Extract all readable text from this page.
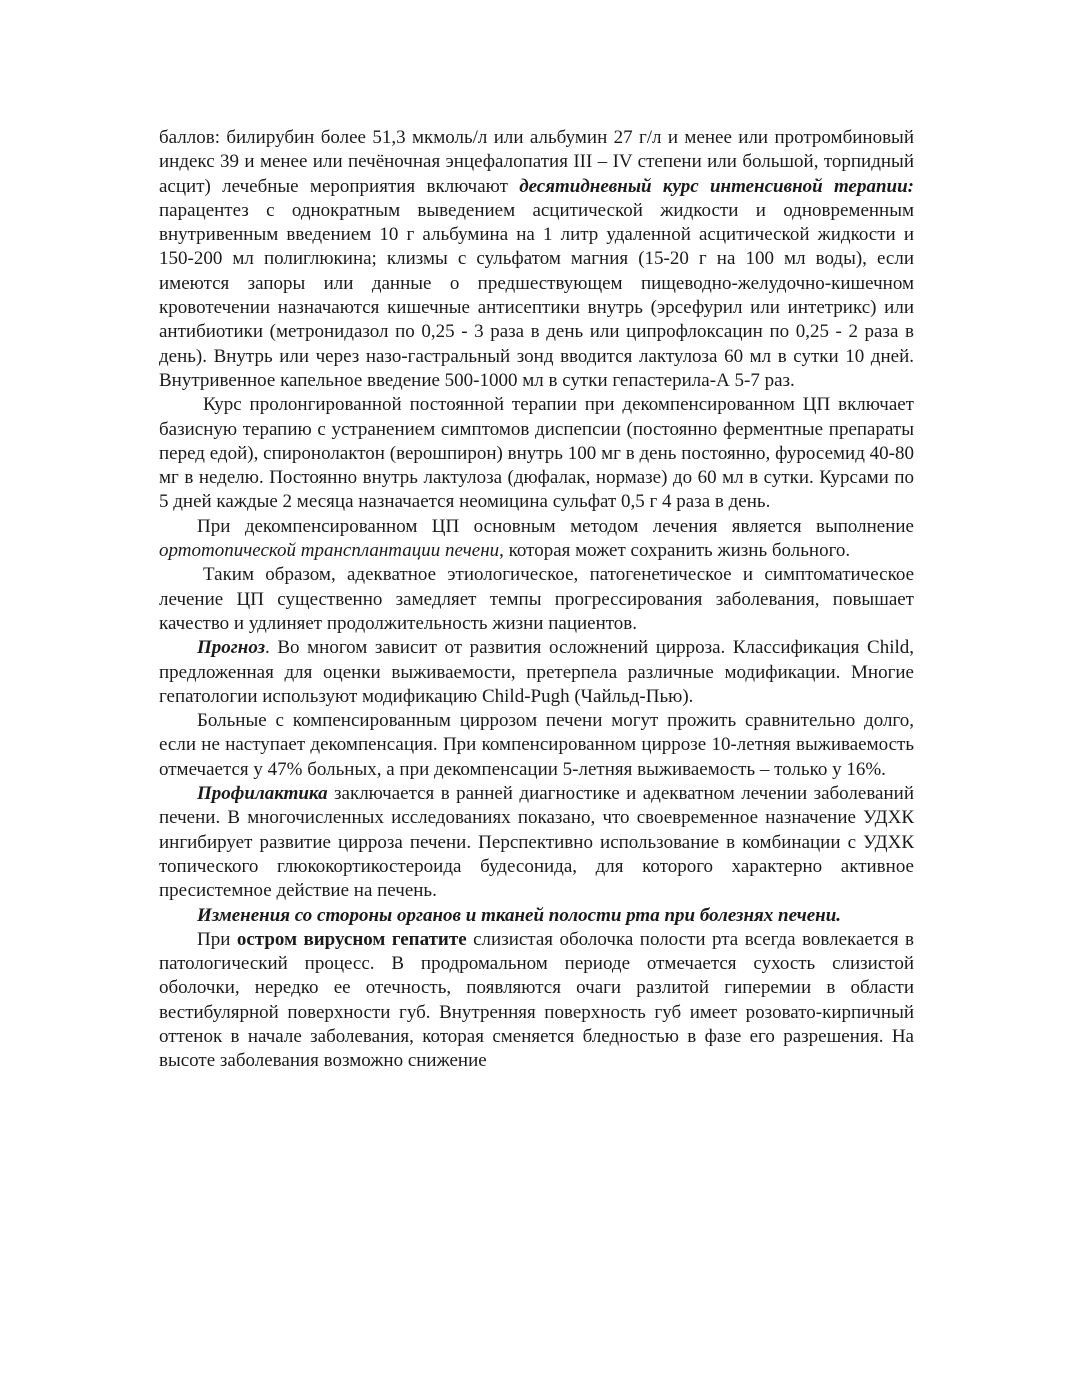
баллов: билирубин более 51,3 мкмоль/л или альбумин 27 г/л и менее или протромбиновый индекс 39 и менее или печёночная энцефалопатия III – IV степени или большой, торпидный асцит) лечебные мероприятия включают десятидневный курс интенсивной терапии: парацентез с однократным выведением асцитической жидкости и одновременным внутривенным введением 10 г альбумина на 1 литр удаленной асцитической жидкости и 150-200 мл полиглюкина; клизмы с сульфатом магния (15-20 г на 100 мл воды), если имеются запоры или данные о предшествующем пищеводно-желудочно-кишечном кровотечении назначаются кишечные антисептики внутрь (эрсефурил или интетрикс) или антибиотики (метронидазол по 0,25 - 3 раза в день или ципрофлоксацин по 0,25 - 2 раза в день). Внутрь или через назо-гастральный зонд вводится лактулоза 60 мл в сутки 10 дней. Внутривенное капельное введение 500-1000 мл в сутки гепастерила-А 5-7 раз.

Курс пролонгированной постоянной терапии при декомпенсированном ЦП включает базисную терапию с устранением симптомов диспепсии (постоянно ферментные препараты перед едой), спиронолактон (верошпирон) внутрь 100 мг в день постоянно, фуросемид 40-80 мг в неделю. Постоянно внутрь лактулоза (дюфалак, нормазе) до 60 мл в сутки. Курсами по 5 дней каждые 2 месяца назначается неомицина сульфат 0,5 г 4 раза в день.

При декомпенсированном ЦП основным методом лечения является выполнение ортотопической трансплантации печени, которая может сохранить жизнь больного.

Таким образом, адекватное этиологическое, патогенетическое и симптоматическое лечение ЦП существенно замедляет темпы прогрессирования заболевания, повышает качество и удлиняет продолжительность жизни пациентов.

Прогноз. Во многом зависит от развития осложнений цирроза. Классификация Child, предложенная для оценки выживаемости, претерпела различные модификации. Многие гепатологии используют модификацию Child-Pugh (Чайльд-Пью).

Больные с компенсированным циррозом печени могут прожить сравнительно долго, если не наступает декомпенсация. При компенсированном циррозе 10-летняя выживаемость отмечается у 47% больных, а при декомпенсации 5-летняя выживаемость – только у 16%.

Профилактика заключается в ранней диагностике и адекватном лечении заболеваний печени. В многочисленных исследованиях показано, что своевременное назначение УДХК ингибирует развитие цирроза печени. Перспективно использование в комбинации с УДХК топического глюкокортикостероида будесонида, для которого характерно активное пресистемное действие на печень.

Изменения со стороны органов и тканей полости рта при болезнях печени.

При остром вирусном гепатите слизистая оболочка полости рта всегда вовлекается в патологический процесс. В продромальном периоде отмечается сухость слизистой оболочки, нередко ее отечность, появляются очаги разлитой гиперемии в области вестибулярной поверхности губ. Внутренняя поверхность губ имеет розовато-кирпичный оттенок в начале заболевания, которая сменяется бледностью в фазе его разрешения. На высоте заболевания возможно снижение
